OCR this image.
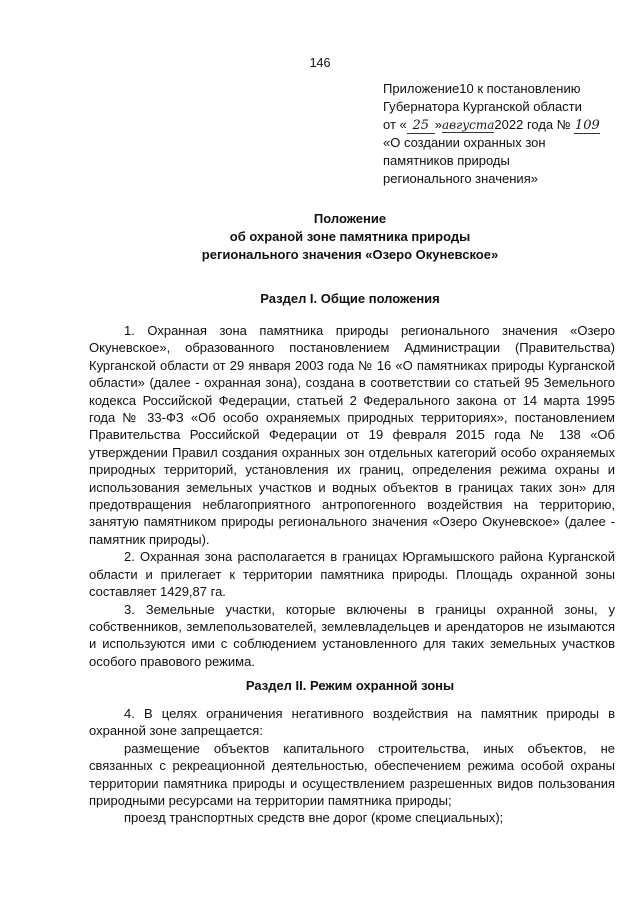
146
Приложение10 к постановлению
Губернатора Курганской области
от « 25 »августа2022 года № 109
«О создании охранных зон
памятников природы
регионального значения»
Положение
об охраной зоне памятника природы
регионального значения «Озеро Окуневское»
Раздел I. Общие положения

1. Охранная зона памятника природы регионального значения «Озеро Окуневское», образованного постановлением Администрации (Правительства) Курганской области от 29 января 2003 года № 16 «О памятниках природы Курганской области» (далее - охранная зона), создана в соответствии со статьей 95 Земельного кодекса Российской Федерации, статьей 2 Федерального закона от 14 марта 1995 года № 33-ФЗ «Об особо охраняемых природных территориях», постановлением Правительства Российской Федерации от 19 февраля 2015 года № 138 «Об утверждении Правил создания охранных зон отдельных категорий особо охраняемых природных территорий, установления их границ, определения режима охраны и использования земельных участков и водных объектов в границах таких зон» для предотвращения неблагоприятного антропогенного воздействия на территорию, занятую памятником природы регионального значения «Озеро Окуневское» (далее - памятник природы).

2. Охранная зона располагается в границах Юргамышского района Курганской области и прилегает к территории памятника природы. Площадь охранной зоны составляет 1429,87 га.

3. Земельные участки, которые включены в границы охранной зоны, у собственников, землепользователей, землевладельцев и арендаторов не изымаются и используются ими с соблюдением установленного для таких земельных участков особого правового режима.

Раздел II. Режим охранной зоны

4. В целях ограничения негативного воздействия на памятник природы в охранной зоне запрещается:

размещение объектов капитального строительства, иных объектов, не связанных с рекреационной деятельностью, обеспечением режима особой охраны территории памятника природы и осуществлением разрешенных видов пользования природными ресурсами на территории памятника природы;

проезд транспортных средств вне дорог (кроме специальных);
